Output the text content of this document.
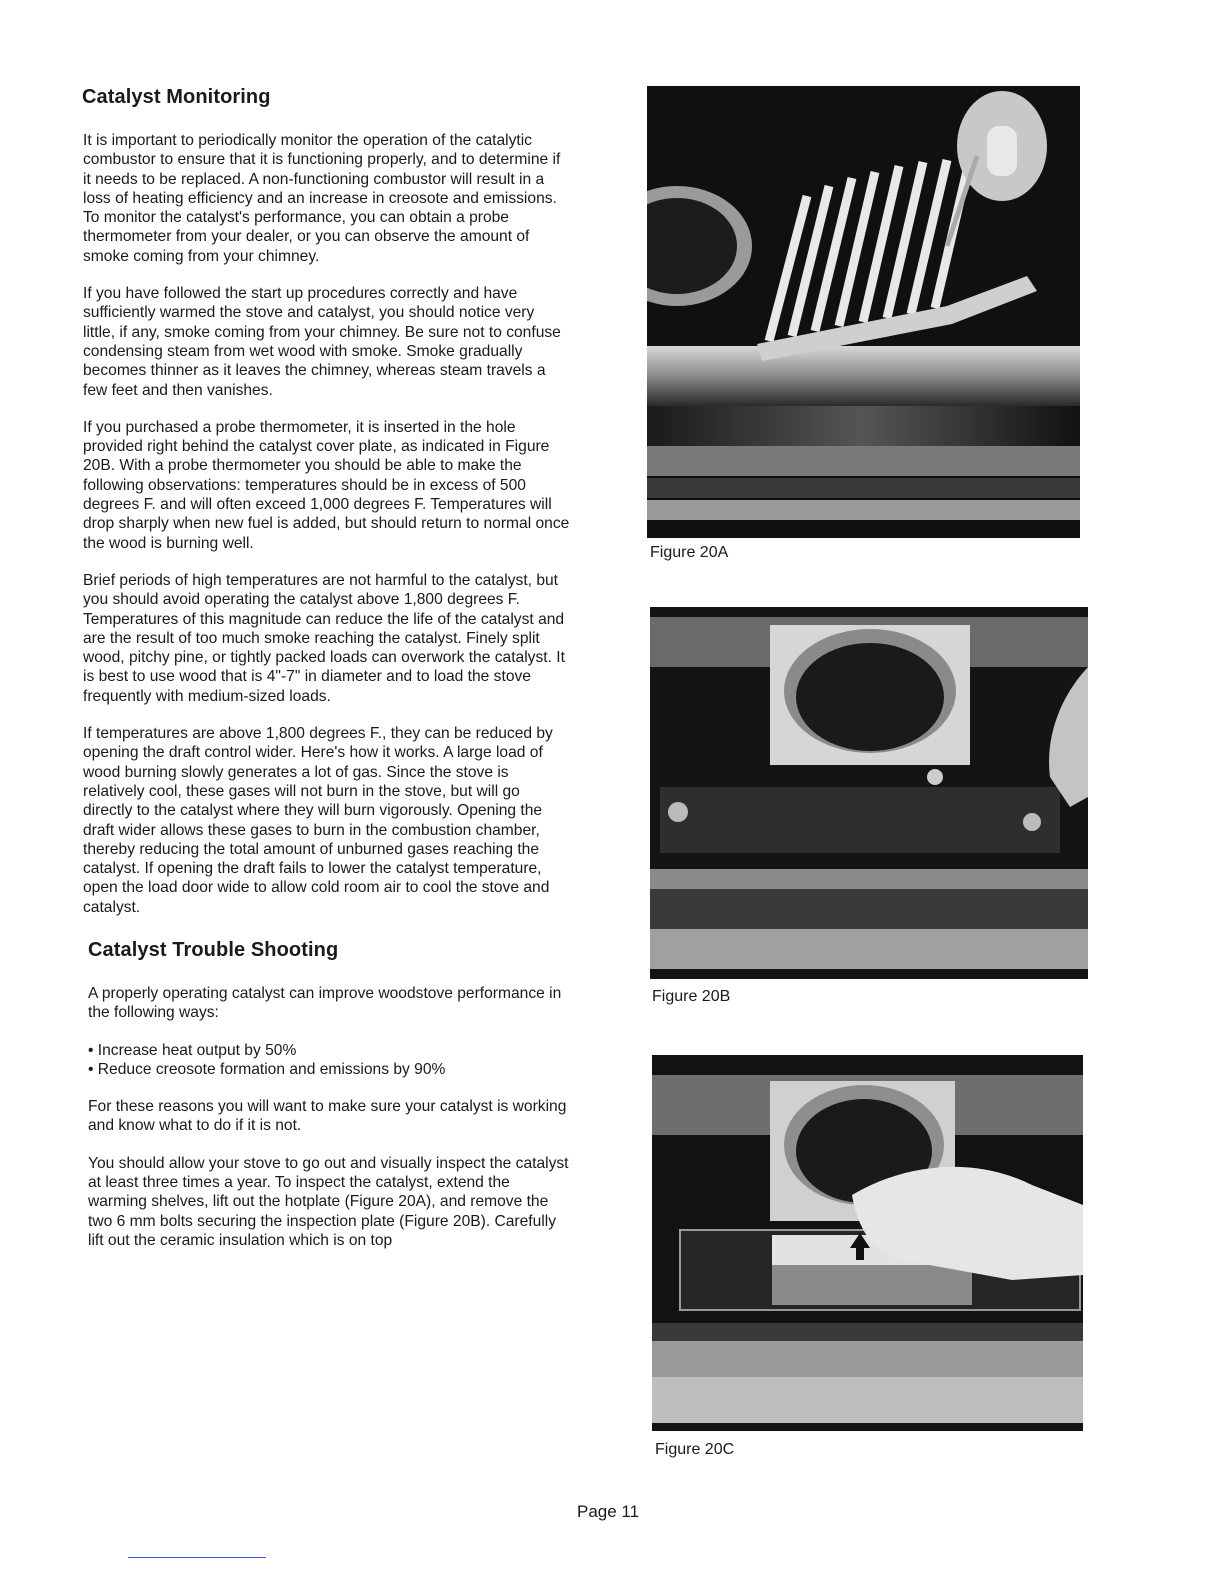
Catalyst Monitoring

It is important to periodically monitor the operation of the catalytic combustor to ensure that it is functioning properly, and to determine if it needs to be replaced. A non-functioning combustor will result in a loss of heating efficiency and an increase in creosote and emissions. To monitor the catalyst's performance, you can obtain a probe thermometer from your dealer, or you can observe the amount of smoke coming from your chimney.

If you have followed the start up procedures correctly and have sufficiently warmed the stove and catalyst, you should notice very little, if any, smoke coming from your chimney. Be sure not to confuse condensing steam from wet wood with smoke. Smoke gradually becomes thinner as it leaves the chimney, whereas steam travels a few feet and then vanishes.

If you purchased a probe thermometer, it is inserted in the hole provided right behind the catalyst cover plate, as indicated in Figure 20B. With a probe thermometer you should be able to make the following observations: temperatures should be in excess of 500 degrees F. and will often exceed 1,000 degrees F. Temperatures will drop sharply when new fuel is added, but should return to normal once the wood is burning well.

Brief periods of high temperatures are not harmful to the catalyst, but you should avoid operating the catalyst above 1,800 degrees F. Temperatures of this magnitude can reduce the life of the catalyst and are the result of too much smoke reaching the catalyst. Finely split wood, pitchy pine, or tightly packed loads can overwork the catalyst. It is best to use wood that is 4"-7" in diameter and to load the stove frequently with medium-sized loads.

If temperatures are above 1,800 degrees F., they can be reduced by opening the draft control wider. Here's how it works. A large load of wood burning slowly generates a lot of gas. Since the stove is relatively cool, these gases will not burn in the stove, but will go directly to the catalyst where they will burn vigorously. Opening the draft wider allows these gases to burn in the combustion chamber, thereby reducing the total amount of unburned gases reaching the catalyst. If opening the draft fails to lower the catalyst temperature, open the load door wide to allow cold room air to cool the stove and catalyst.

Catalyst Trouble Shooting

A properly operating catalyst can improve woodstove performance in the following ways:

• Increase heat output by 50%
• Reduce creosote formation and emissions by 90%

For these reasons you will want to make sure your catalyst is working and know what to do if it is not.

You should allow your stove to go out and visually inspect the catalyst at least three times a year. To inspect the catalyst, extend the warming shelves, lift out the hotplate (Figure 20A), and remove the two 6 mm bolts securing the inspection plate (Figure 20B). Carefully lift out the ceramic insulation which is on top

Figure 20A
Figure 20B
Figure 20C
Page 11
